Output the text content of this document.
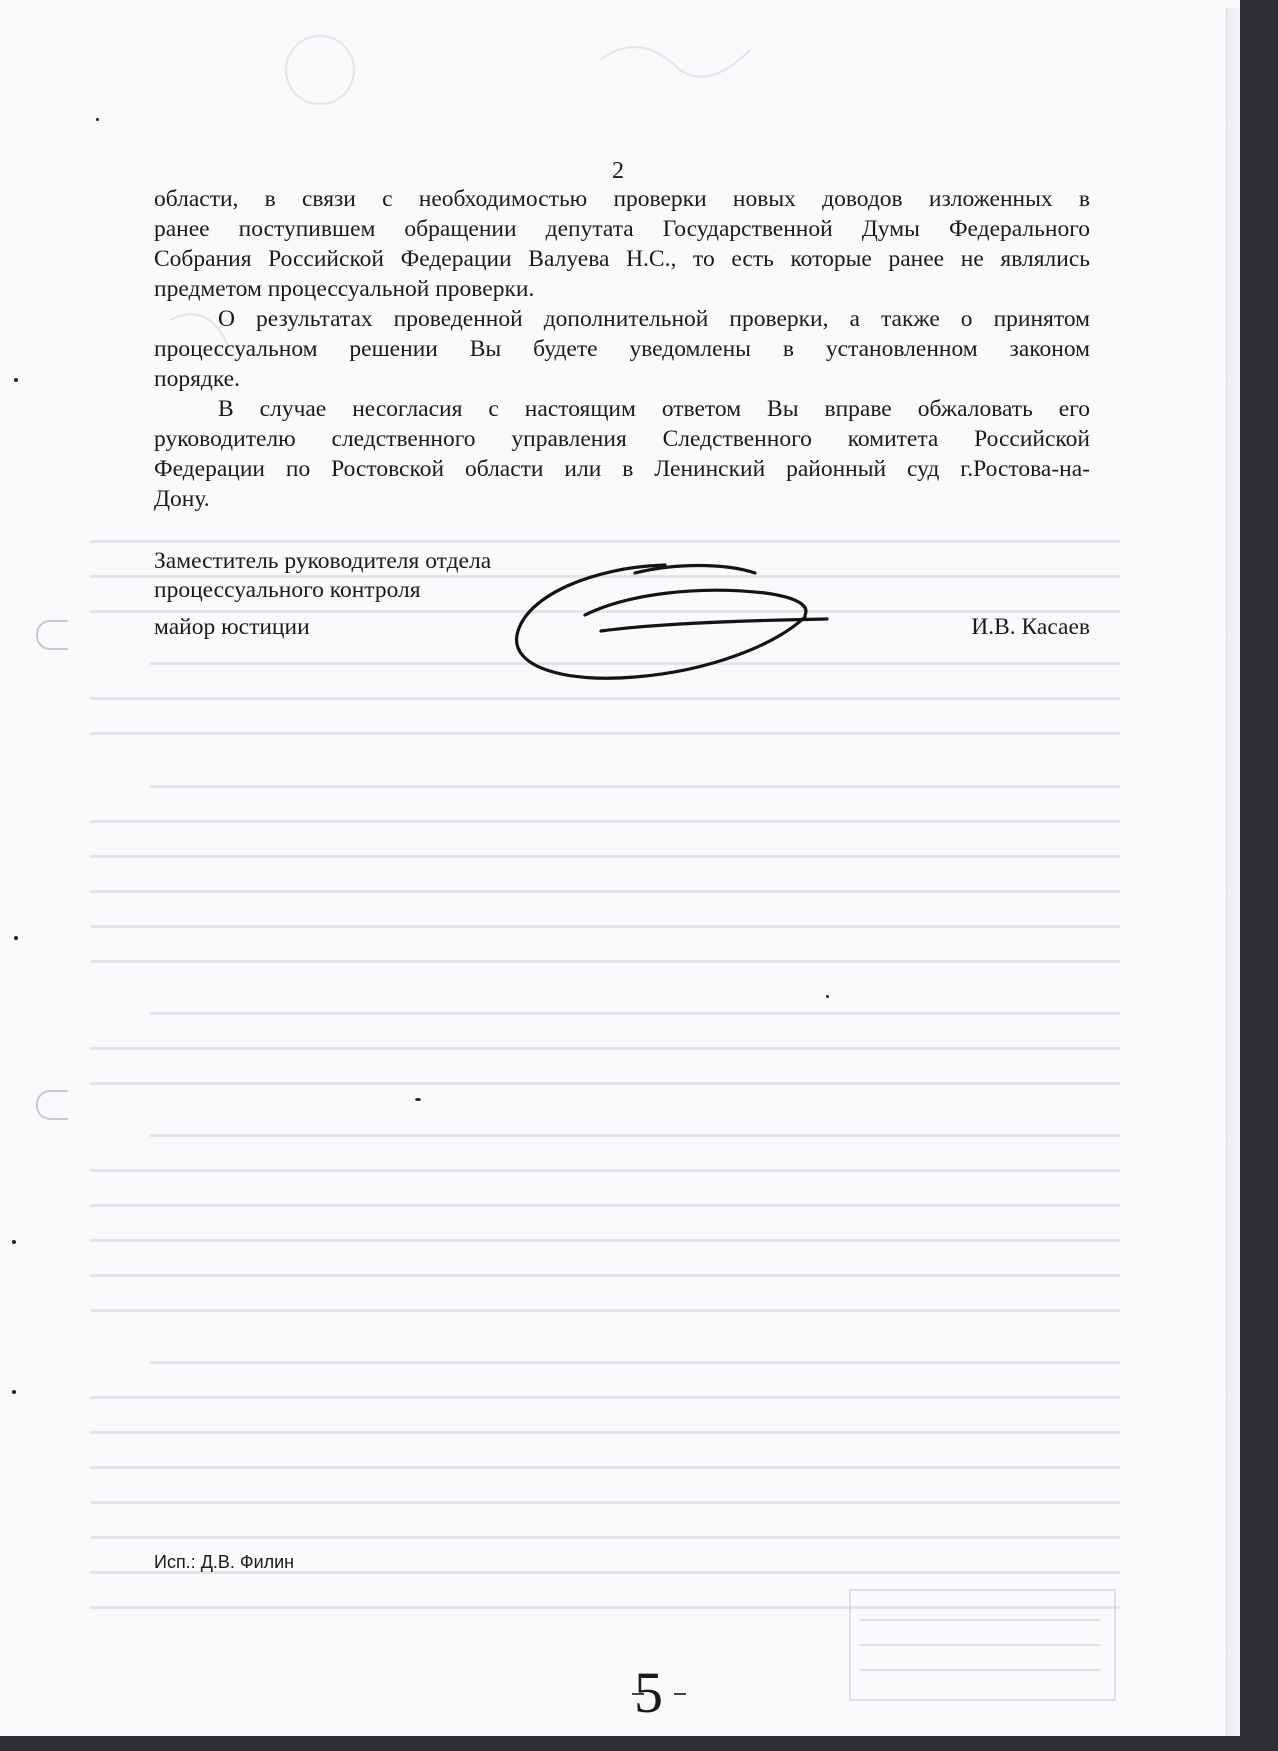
2
области, в связи с необходимостью проверки новых доводов изложенных в
ранее поступившем обращении депутата Государственной Думы Федерального
Собрания Российской Федерации Валуева Н.С., то есть которые ранее не являлись
предметом процессуальной проверки.
О результатах проведенной дополнительной проверки, а также о принятом
процессуальном решении Вы будете уведомлены в установленном законом
порядке.
В случае несогласия с настоящим ответом Вы вправе обжаловать его
руководителю следственного управления Следственного комитета Российской
Федерации по Ростовской области или в Ленинский районный суд г.Ростова-на-
Дону.
Заместитель руководителя отдела
процессуального контроля
майор юстиции	И.В. Касаев
Исп.: Д.В. Филин
5
